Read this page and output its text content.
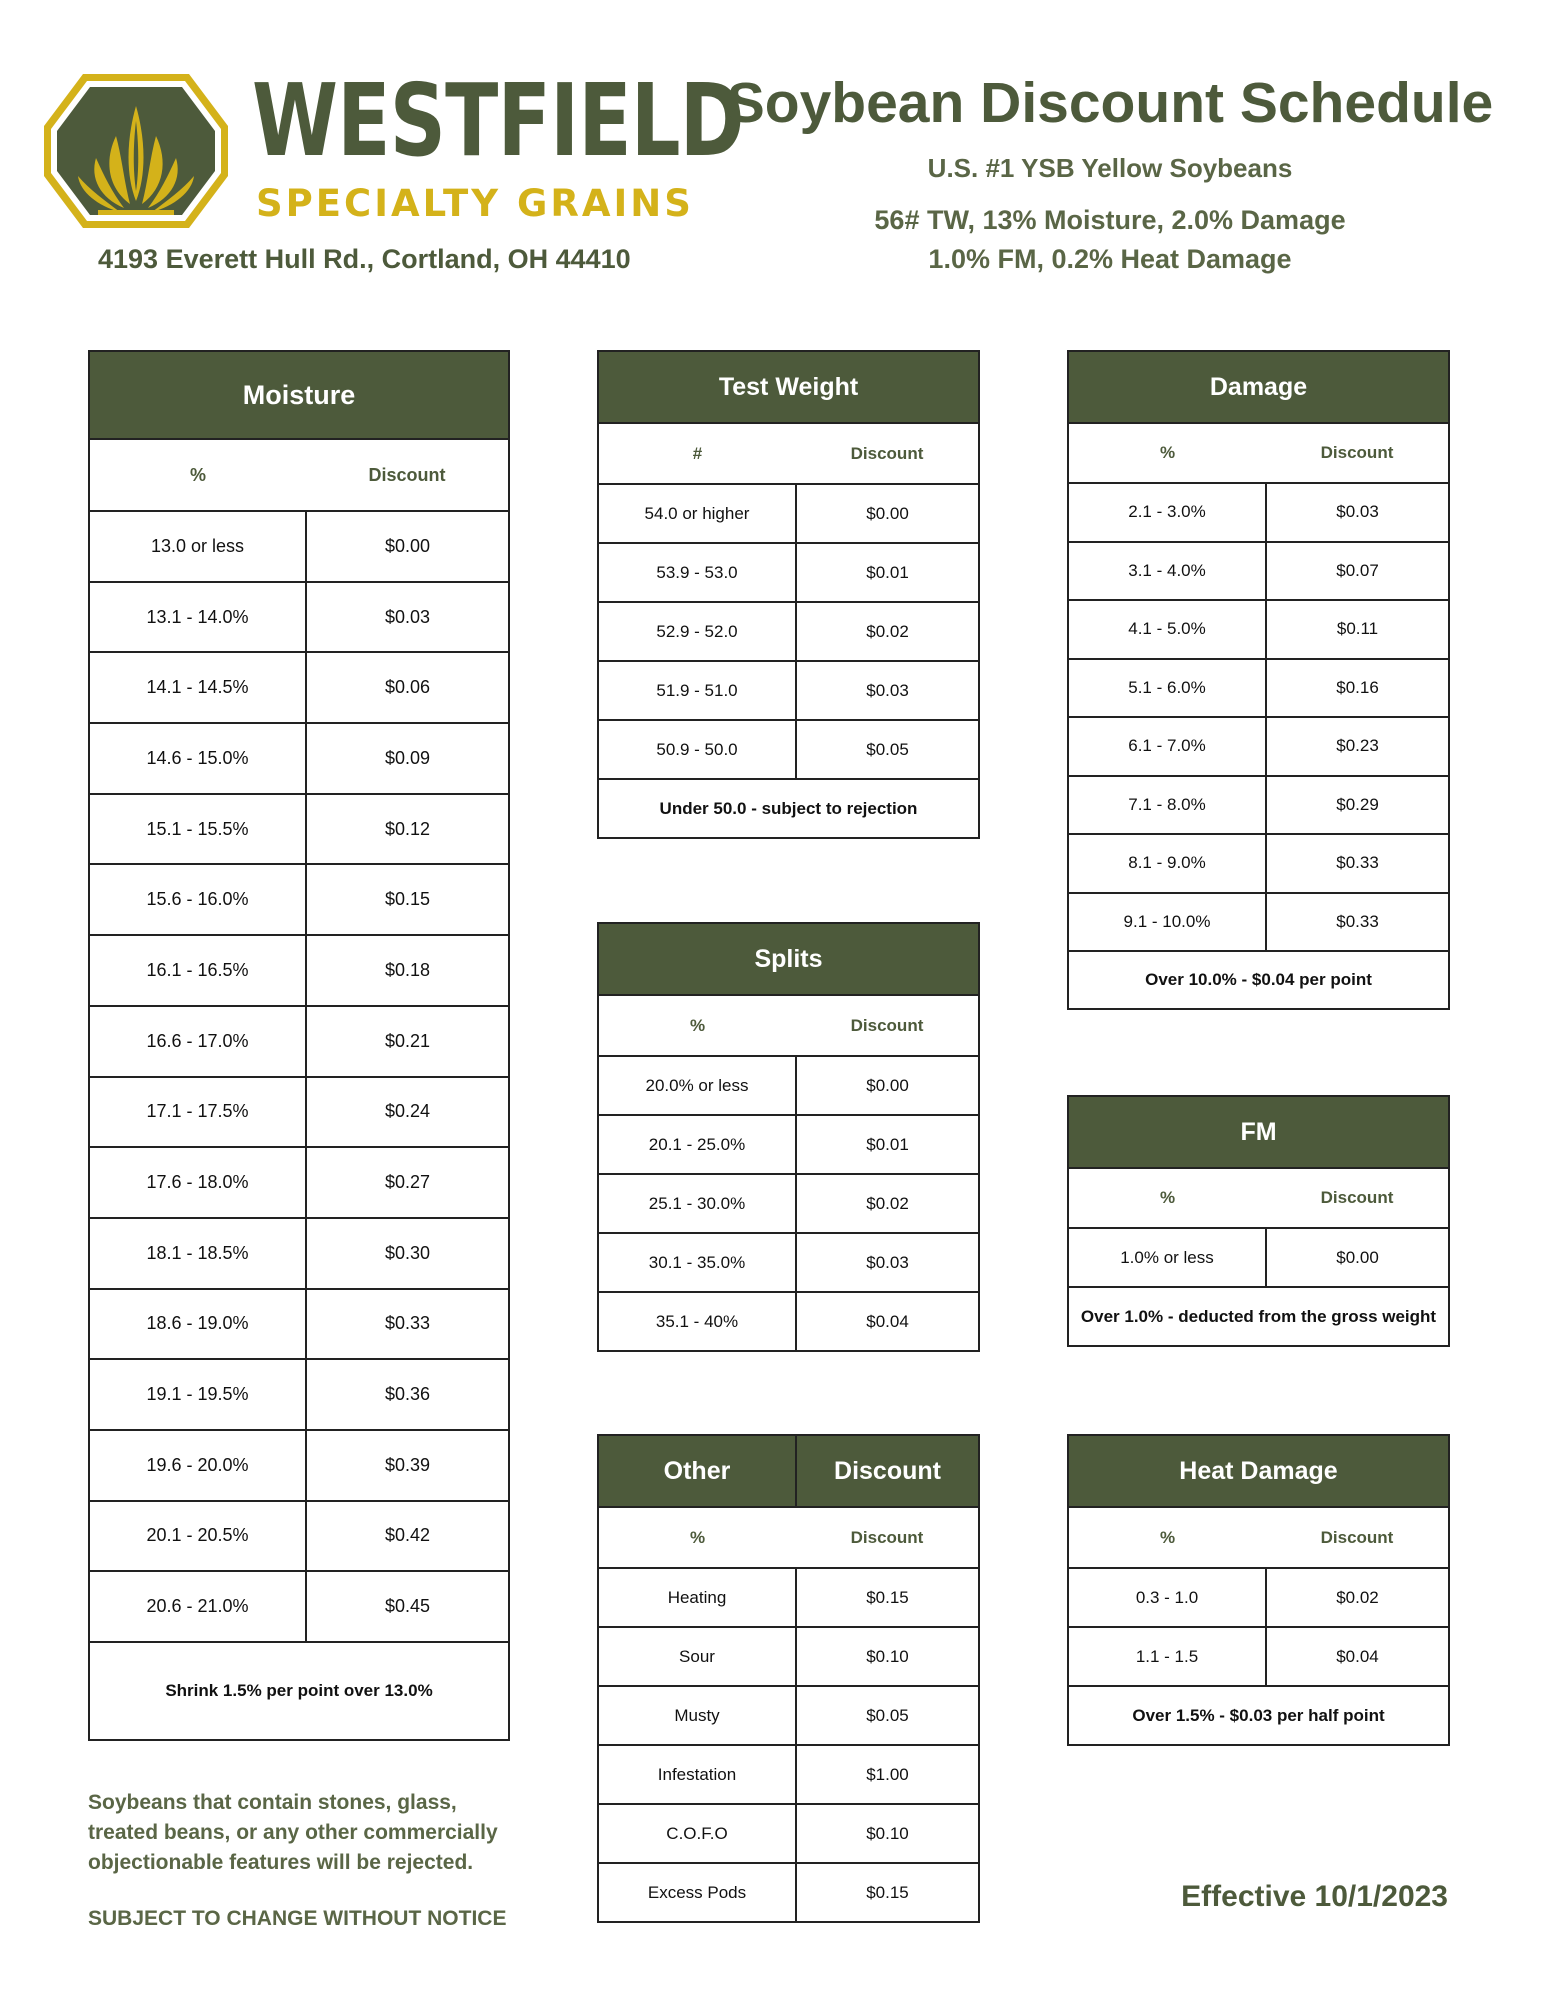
WESTFIELD
SPECIALTY GRAINS
4193 Everett Hull Rd., Cortland, OH 44410
Soybean Discount Schedule
U.S. #1 YSB Yellow Soybeans
56# TW, 13% Moisture, 2.0% Damage
1.0% FM, 0.2% Heat Damage
Moisture	
%	Discount
13.0 or less	$0.00
13.1 - 14.0%	$0.03
14.1 - 14.5%	$0.06
14.6 - 15.0%	$0.09
15.1 - 15.5%	$0.12
15.6 - 16.0%	$0.15
16.1 - 16.5%	$0.18
16.6 - 17.0%	$0.21
17.1 - 17.5%	$0.24
17.6 - 18.0%	$0.27
18.1 - 18.5%	$0.30
18.6 - 19.0%	$0.33
19.1 - 19.5%	$0.36
19.6 - 20.0%	$0.39
20.1 - 20.5%	$0.42
20.6 - 21.0%	$0.45
Shrink 1.5% per point over 13.0%	
Test Weight	
#	Discount
54.0 or higher	$0.00
53.9 - 53.0	$0.01
52.9 - 52.0	$0.02
51.9 - 51.0	$0.03
50.9 - 50.0	$0.05
Under 50.0 - subject to rejection	
Splits	
%	Discount
20.0% or less	$0.00
20.1 - 25.0%	$0.01
25.1 - 30.0%	$0.02
30.1 - 35.0%	$0.03
35.1 - 40%	$0.04
Other	Discount
%	Discount
Heating	$0.15
Sour	$0.10
Musty	$0.05
Infestation	$1.00
C.O.F.O	$0.10
Excess Pods	$0.15
Damage	
%	Discount
2.1 - 3.0%	$0.03
3.1 - 4.0%	$0.07
4.1 - 5.0%	$0.11
5.1 - 6.0%	$0.16
6.1 - 7.0%	$0.23
7.1 - 8.0%	$0.29
8.1 - 9.0%	$0.33
9.1 - 10.0%	$0.33
Over 10.0% - $0.04 per point	
FM	
%	Discount
1.0% or less	$0.00
Over 1.0% - deducted from the gross weight	
Heat Damage	
%	Discount
0.3 - 1.0	$0.02
1.1 - 1.5	$0.04
Over 1.5% - $0.03 per half point	
Soybeans that contain stones, glass, treated beans, or any other commercially objectionable features will be rejected.
SUBJECT TO CHANGE WITHOUT NOTICE
Effective 10/1/2023
